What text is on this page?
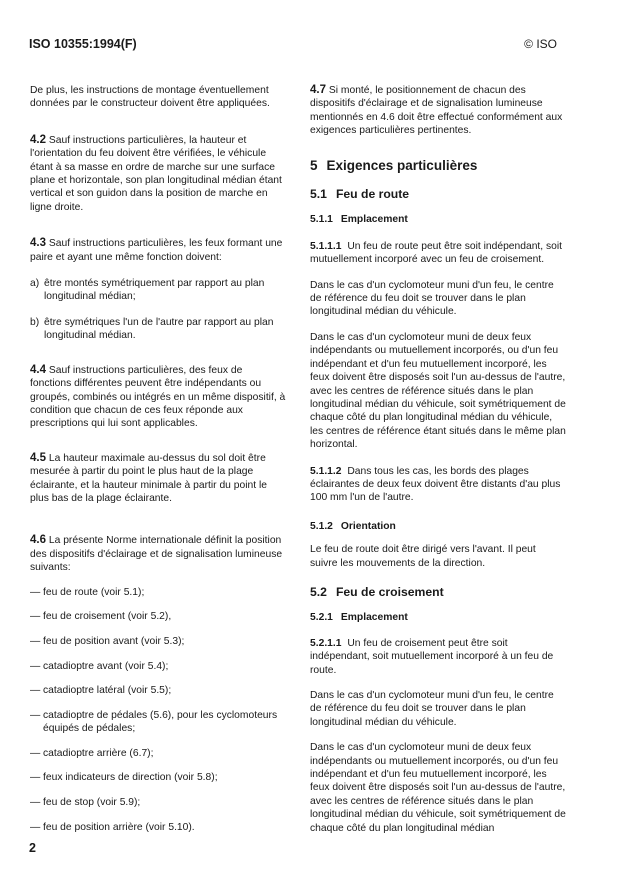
ISO 10355:1994(F)	© ISO

De plus, les instructions de montage éventuellement données par le constructeur doivent être appliquées.

4.2 Sauf instructions particulières, la hauteur et l'orientation du feu doivent être vérifiées, le véhicule étant à sa masse en ordre de marche sur une surface plane et horizontale, son plan longitudinal médian étant vertical et son guidon dans la position de marche en ligne droite.

4.3 Sauf instructions particulières, les feux formant une paire et ayant une même fonction doivent:

a) être montés symétriquement par rapport au plan longitudinal médian;
b) être symétriques l'un de l'autre par rapport au plan longitudinal médian.

4.4 Sauf instructions particulières, des feux de fonctions différentes peuvent être indépendants ou groupés, combinés ou intégrés en un même dispositif, à condition que chacun de ces feux réponde aux prescriptions qui lui sont applicables.

4.5 La hauteur maximale au-dessus du sol doit être mesurée à partir du point le plus haut de la plage éclairante, et la hauteur minimale à partir du point le plus bas de la plage éclairante.

4.6 La présente Norme internationale définit la position des dispositifs d'éclairage et de signalisation lumineuse suivants:

— feu de route (voir 5.1);
— feu de croisement (voir 5.2),
— feu de position avant (voir 5.3);
— catadioptre avant (voir 5.4);
— catadioptre latéral (voir 5.5);
— catadioptre de pédales (5.6), pour les cyclomoteurs équipés de pédales;
— catadioptre arrière (6.7);
— feux indicateurs de direction (voir 5.8);
— feu de stop (voir 5.9);
— feu de position arrière (voir 5.10).

4.7 Si monté, le positionnement de chacun des dispositifs d'éclairage et de signalisation lumineuse mentionnés en 4.6 doit être effectué conformément aux exigences particulières pertinentes.

5 Exigences particulières
5.1 Feu de route
5.1.1 Emplacement

5.1.1.1 Un feu de route peut être soit indépendant, soit mutuellement incorporé avec un feu de croisement.

Dans le cas d'un cyclomoteur muni d'un feu, le centre de référence du feu doit se trouver dans le plan longitudinal médian du véhicule.

Dans le cas d'un cyclomoteur muni de deux feux indépendants ou mutuellement incorporés, ou d'un feu indépendant et d'un feu mutuellement incorporé, les feux doivent être disposés soit l'un au-dessus de l'autre, avec les centres de référence situés dans le plan longitudinal médian du véhicule, soit symétriquement de chaque côté du plan longitudinal médian du véhicule, les centres de référence étant situés dans le même plan horizontal.

5.1.1.2 Dans tous les cas, les bords des plages éclairantes de deux feux doivent être distants d'au plus 100 mm l'un de l'autre.

5.1.2 Orientation

Le feu de route doit être dirigé vers l'avant. Il peut suivre les mouvements de la direction.

5.2 Feu de croisement
5.2.1 Emplacement

5.2.1.1 Un feu de croisement peut être soit indépendant, soit mutuellement incorporé à un feu de route.

Dans le cas d'un cyclomoteur muni d'un feu, le centre de référence du feu doit se trouver dans le plan longitudinal médian du véhicule.

Dans le cas d'un cyclomoteur muni de deux feux indépendants ou mutuellement incorporés, ou d'un feu indépendant et d'un feu mutuellement incorporé, les feux doivent être disposés soit l'un au-dessus de l'autre, avec les centres de référence situés dans le plan longitudinal médian du véhicule, soit symétriquement de chaque côté du plan longitudinal médian

2
